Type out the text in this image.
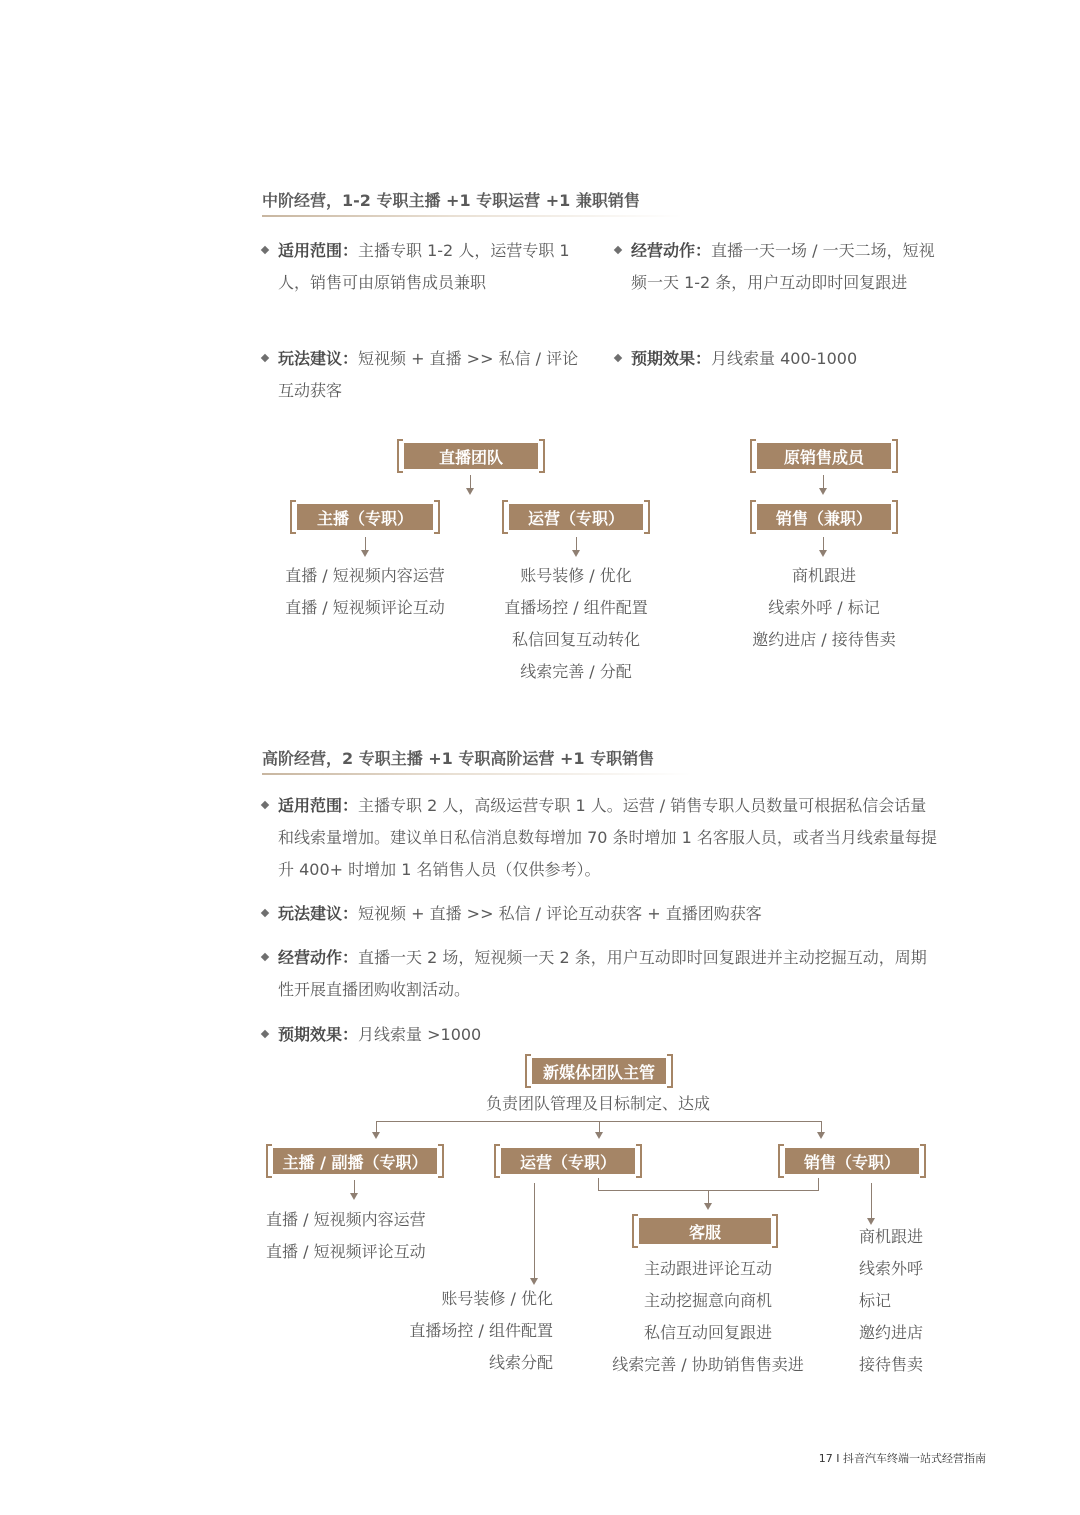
中阶经营，1-2 专职主播 +1 专职运营 +1 兼职销售
适用范围：主播专职 1-2 人，运营专职 1 人，销售可由原销售成员兼职
经营动作：直播一天一场 / 一天二场，短视频一天 1-2 条，用户互动即时回复跟进
玩法建议：短视频 + 直播 >> 私信 / 评论互动获客
预期效果：月线索量 400-1000
直播团队
主播（专职）	运营（专职）
原销售成员
销售（兼职）
直播 / 短视频内容运营
直播 / 短视频评论互动
账号装修 / 优化
直播场控 / 组件配置
私信回复互动转化
线索完善 / 分配
商机跟进
线索外呼 / 标记
邀约进店 / 接待售卖
高阶经营，2 专职主播 +1 专职高阶运营 +1 专职销售
适用范围：主播专职 2 人，高级运营专职 1 人。运营 / 销售专职人员数量可根据私信会话量和线索量增加。建议单日私信消息数每增加 70 条时增加 1 名客服人员，或者当月线索量每提升 400+ 时增加 1 名销售人员（仅供参考）。
玩法建议：短视频 + 直播 >> 私信 / 评论互动获客 + 直播团购获客
经营动作：直播一天 2 场，短视频一天 2 条，用户互动即时回复跟进并主动挖掘互动，周期性开展直播团购收割活动。
预期效果：月线索量 >1000
新媒体团队主管
负责团队管理及目标制定、达成
主播 / 副播（专职）	运营（专职）	销售（专职）
客服
直播 / 短视频内容运营
直播 / 短视频评论互动
账号装修 / 优化
直播场控 / 组件配置
线索分配
主动跟进评论互动
主动挖掘意向商机
私信互动回复跟进
线索完善 / 协助销售售卖进
商机跟进
线索外呼
标记
邀约进店
接待售卖
17 I 抖音汽车终端一站式经营指南
